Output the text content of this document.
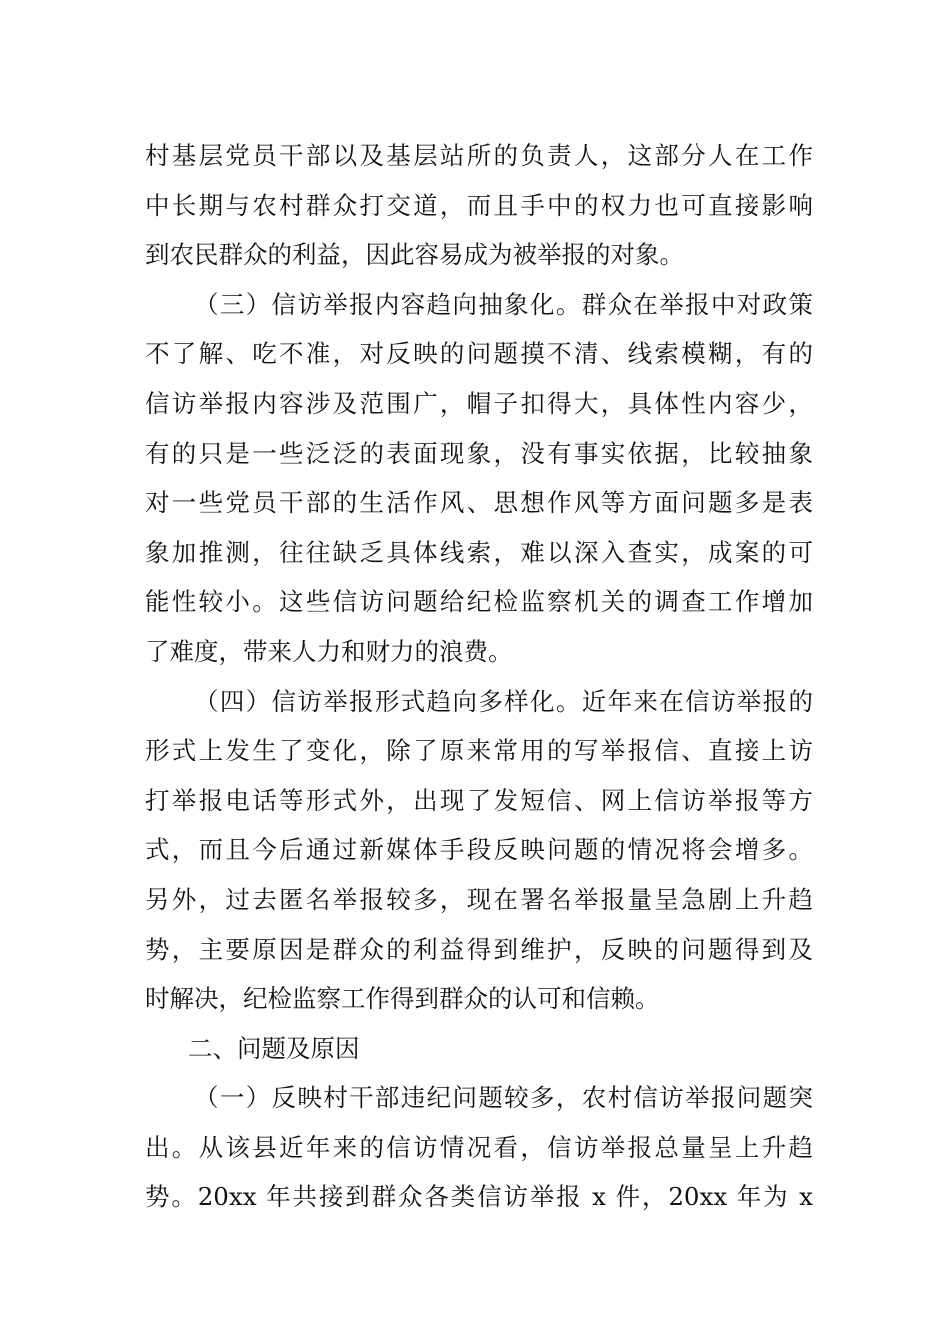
村基层党员干部以及基层站所的负责人，这部分人在工作
中长期与农村群众打交道，而且手中的权力也可直接影响
到农民群众的利益，因此容易成为被举报的对象。
（三）信访举报内容趋向抽象化。群众在举报中对政策
不了解、吃不准，对反映的问题摸不清、线索模糊，有的
信访举报内容涉及范围广，帽子扣得大，具体性内容少，
有的只是一些泛泛的表面现象，没有事实依据，比较抽象
对一些党员干部的生活作风、思想作风等方面问题多是表
象加推测，往往缺乏具体线索，难以深入查实，成案的可
能性较小。这些信访问题给纪检监察机关的调查工作增加
了难度，带来人力和财力的浪费。
（四）信访举报形式趋向多样化。近年来在信访举报的
形式上发生了变化，除了原来常用的写举报信、直接上访
打举报电话等形式外，出现了发短信、网上信访举报等方
式，而且今后通过新媒体手段反映问题的情况将会增多。
另外，过去匿名举报较多，现在署名举报量呈急剧上升趋
势，主要原因是群众的利益得到维护，反映的问题得到及
时解决，纪检监察工作得到群众的认可和信赖。
二、问题及原因
（一）反映村干部违纪问题较多，农村信访举报问题突
出。从该县近年来的信访情况看，信访举报总量呈上升趋
势。20xx 年共接到群众各类信访举报 x 件，20xx 年为 x
